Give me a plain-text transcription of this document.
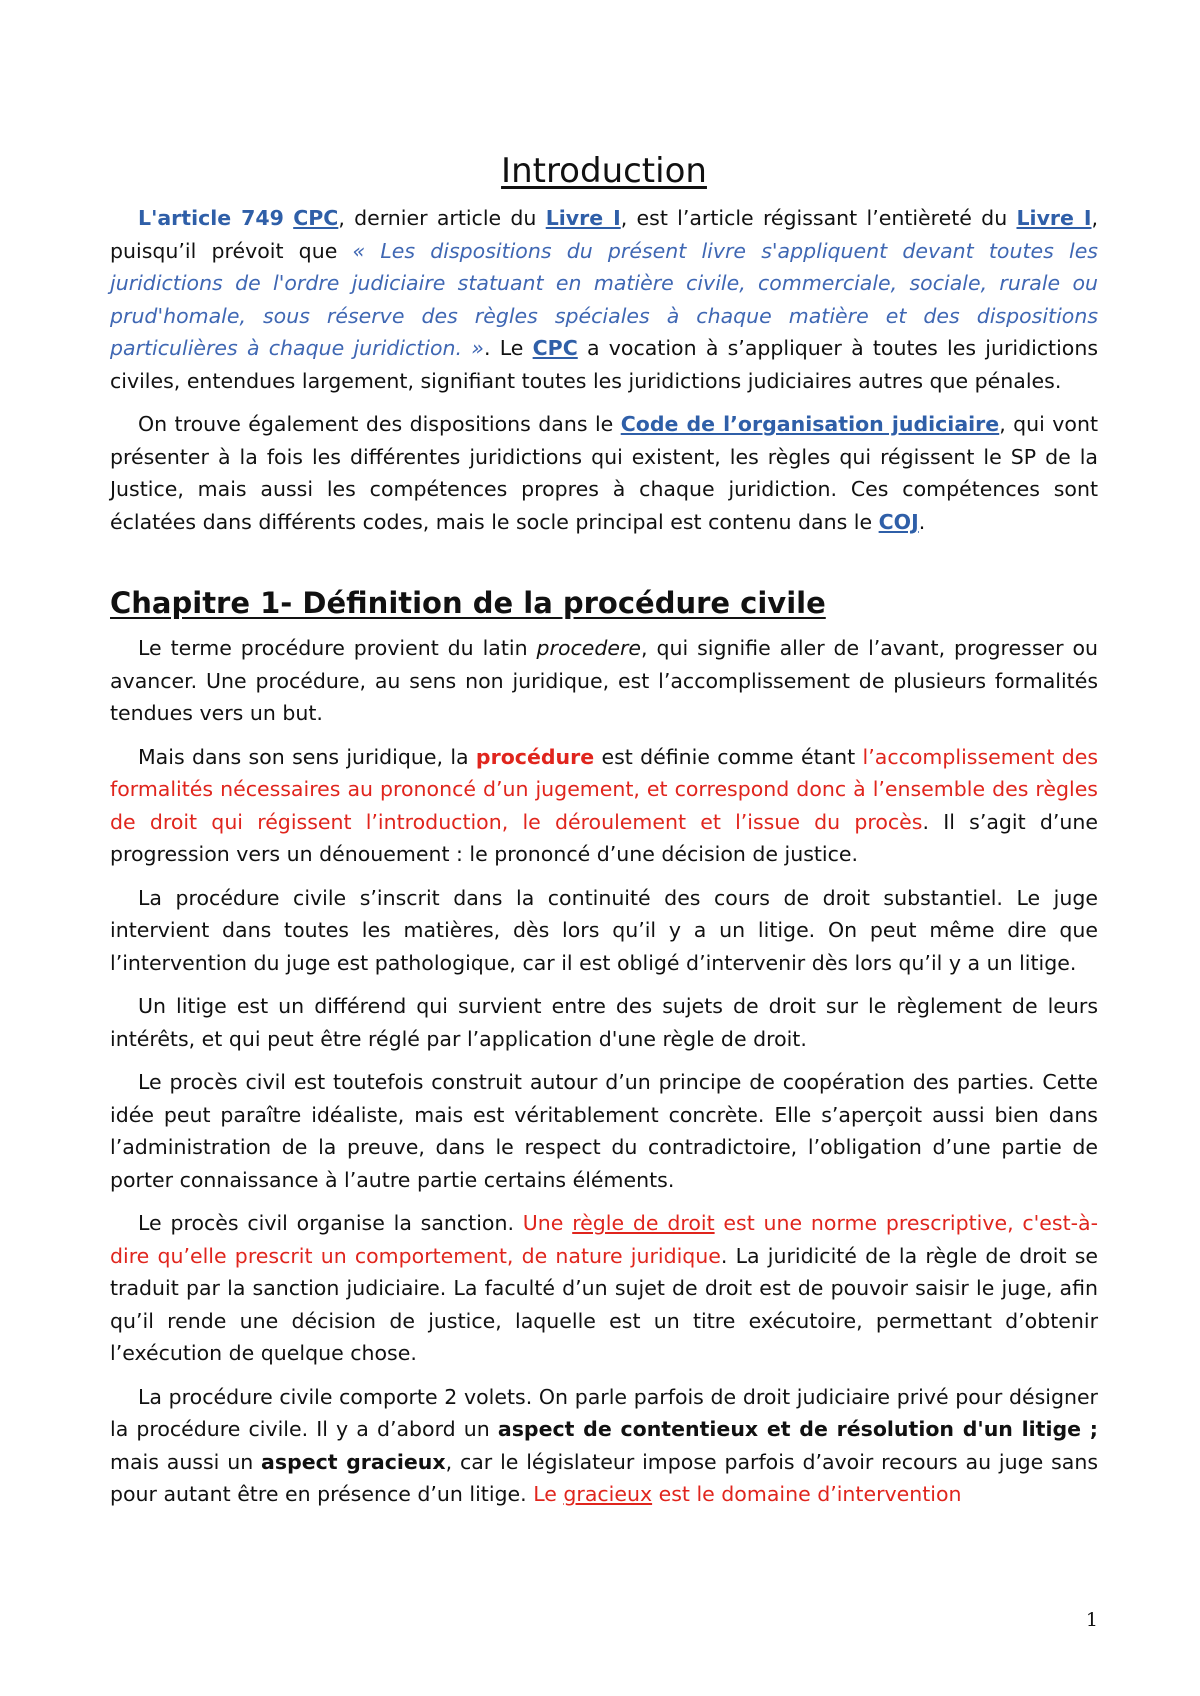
Introduction

L'article 749 CPC, dernier article du Livre I, est l’article régissant l’entièreté du Livre I, puisqu’il prévoit que « Les dispositions du présent livre s'appliquent devant toutes les juridictions de l'ordre judiciaire statuant en matière civile, commerciale, sociale, rurale ou prud'homale, sous réserve des règles spéciales à chaque matière et des dispositions particulières à chaque juridiction. ». Le CPC a vocation à s’appliquer à toutes les juridictions civiles, entendues largement, signifiant toutes les juridictions judiciaires autres que pénales.

On trouve également des dispositions dans le Code de l’organisation judiciaire, qui vont présenter à la fois les différentes juridictions qui existent, les règles qui régissent le SP de la Justice, mais aussi les compétences propres à chaque juridiction. Ces compétences sont éclatées dans différents codes, mais le socle principal est contenu dans le COJ.

Chapitre 1- Définition de la procédure civile

Le terme procédure provient du latin procedere, qui signifie aller de l’avant, progresser ou avancer. Une procédure, au sens non juridique, est l’accomplissement de plusieurs formalités tendues vers un but.

Mais dans son sens juridique, la procédure est définie comme étant l’accomplissement des formalités nécessaires au prononcé d’un jugement, et correspond donc à l’ensemble des règles de droit qui régissent l’introduction, le déroulement et l’issue du procès. Il s’agit d’une progression vers un dénouement : le prononcé d’une décision de justice.

La procédure civile s’inscrit dans la continuité des cours de droit substantiel. Le juge intervient dans toutes les matières, dès lors qu’il y a un litige. On peut même dire que l’intervention du juge est pathologique, car il est obligé d’intervenir dès lors qu’il y a un litige.

Un litige est un différend qui survient entre des sujets de droit sur le règlement de leurs intérêts, et qui peut être réglé par l’application d'une règle de droit.

Le procès civil est toutefois construit autour d’un principe de coopération des parties. Cette idée peut paraître idéaliste, mais est véritablement concrète. Elle s’aperçoit aussi bien dans l’administration de la preuve, dans le respect du contradictoire, l’obligation d’une partie de porter connaissance à l’autre partie certains éléments.

Le procès civil organise la sanction. Une règle de droit est une norme prescriptive, c'est-à-dire qu’elle prescrit un comportement, de nature juridique. La juridicité de la règle de droit se traduit par la sanction judiciaire. La faculté d’un sujet de droit est de pouvoir saisir le juge, afin qu’il rende une décision de justice, laquelle est un titre exécutoire, permettant d’obtenir l’exécution de quelque chose.

La procédure civile comporte 2 volets. On parle parfois de droit judiciaire privé pour désigner la procédure civile. Il y a d’abord un aspect de contentieux et de résolution d'un litige ; mais aussi un aspect gracieux, car le législateur impose parfois d’avoir recours au juge sans pour autant être en présence d’un litige. Le gracieux est le domaine d’intervention

1
